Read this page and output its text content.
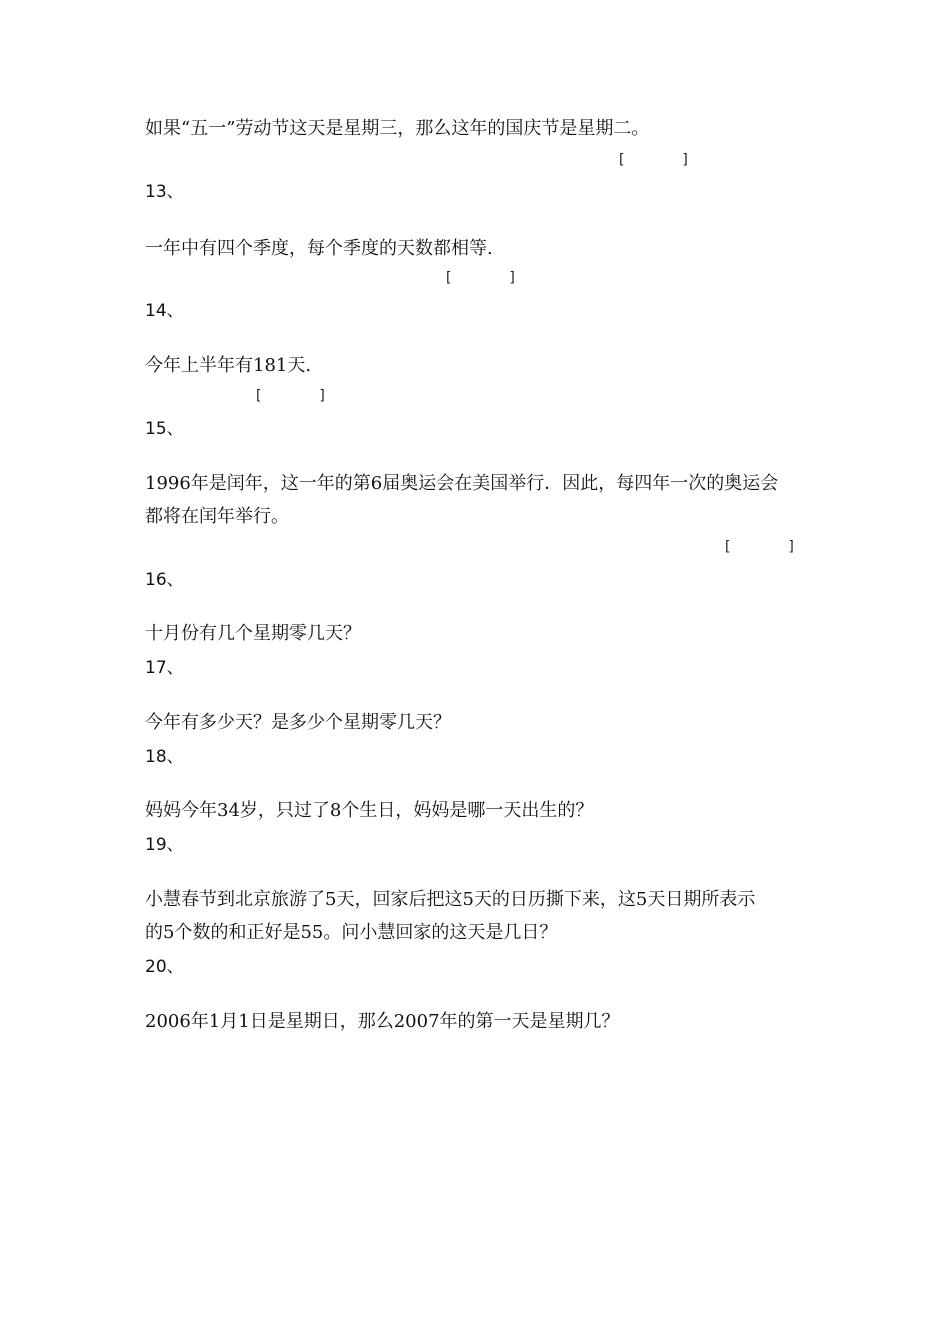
如果“五一”劳动节这天是星期三，那么这年的国庆节是星期二。
[　　　　]
13、
一年中有四个季度，每个季度的天数都相等.
[　　　　]
14、
今年上半年有181天.
[　　　　]
15、
1996年是闰年，这一年的第6届奥运会在美国举行．因此，每四年一次的奥运会
都将在闰年举行。
[　　　　]
16、
十月份有几个星期零几天？
17、
今年有多少天？是多少个星期零几天？
18、
妈妈今年34岁，只过了8个生日，妈妈是哪一天出生的？
19、
小慧春节到北京旅游了5天，回家后把这5天的日历撕下来，这5天日期所表示
的5个数的和正好是55。问小慧回家的这天是几日？
20、
2006年1月1日是星期日，那么2007年的第一天是星期几？
